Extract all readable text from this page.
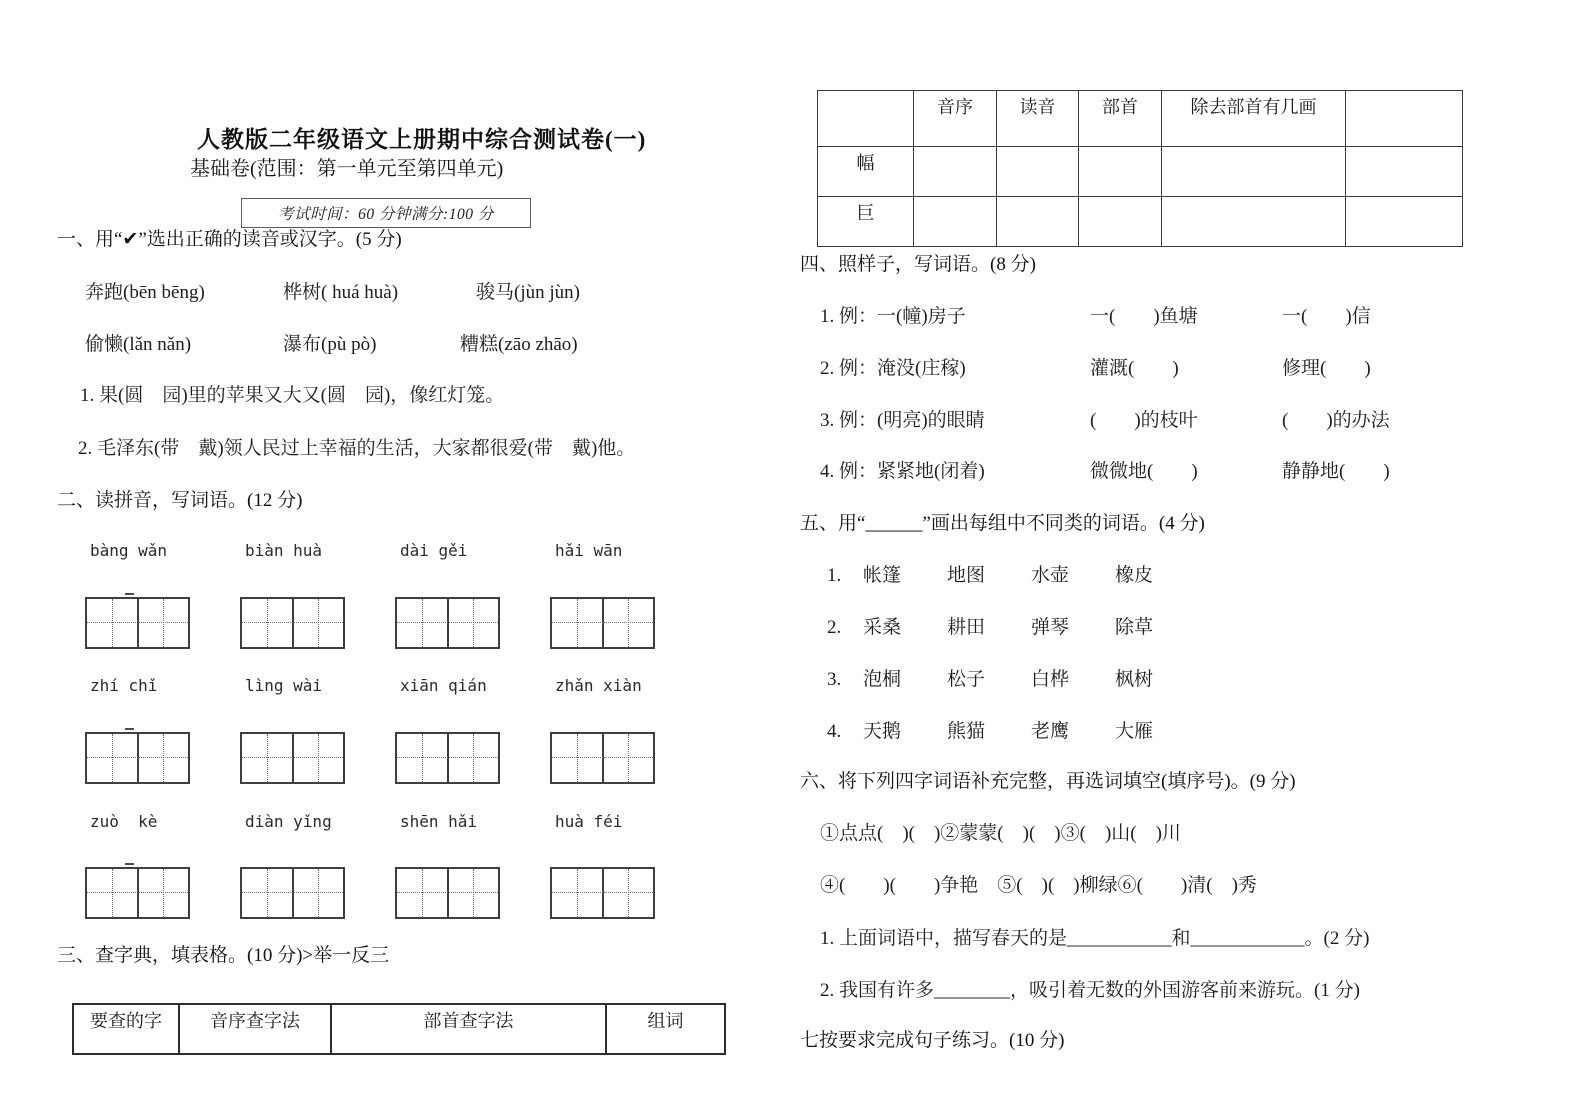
人教版二年级语文上册期中综合测试卷(一)
基础卷(范围：第一单元至第四单元)
考试时间：60 分钟满分:100 分
一、用“✔”选出正确的读音或汉字。(5 分)
奔跑(bēn bēng)	桦树( huá huà)	骏马(jùn jùn)
偷懒(lǎn nǎn)	瀑布(pù pò)	糟糕(zāo zhāo)
1. 果(圆　园)里的苹果又大又(圆　园)，像红灯笼。
2. 毛泽东(带　戴)领人民过上幸福的生活，大家都很爱(带　戴)他。
二、读拼音，写词语。(12 分)
bàng wǎn	biàn huà	dài gěi	hǎi wān
zhí chǐ	lìng wài	xiān qián	zhǎn xiàn
zuò  kè	diàn yǐng	shēn hǎi	huà féi
三、查字典，填表格。(10 分)>举一反三
要查的字	音序查字法	部首查字法	组词
	音序	读音	部首	除去部首有几画	
幅					
巨					
四、照样子，写词语。(8 分)
1. 例：一(幢)房子	一(　　)鱼塘	一(　　)信
2. 例：淹没(庄稼)	灌溉(　　)	修理(　　)
3. 例：(明亮)的眼睛	(　　)的枝叶	(　　)的办法
4. 例：紧紧地(闭着)	微微地(　　)	静静地(　　)
五、用“______”画出每组中不同类的词语。(4 分)
1.	帐篷 地图 水壶 橡皮
2.	采桑 耕田 弹琴 除草
3.	泡桐 松子 白桦 枫树
4.	天鹅 熊猫 老鹰 大雁
六、将下列四字词语补充完整，再选词填空(填序号)。(9 分)
①点点(　)(　)②蒙蒙(　)(　)③(　)山(　)川
④(　　)(　　)争艳　⑤(　)(　)柳绿⑥(　　)清(　)秀
1. 上面词语中，描写春天的是___________和____________。(2 分)
2. 我国有许多________，吸引着无数的外国游客前来游玩。(1 分)
七按要求完成句子练习。(10 分)
